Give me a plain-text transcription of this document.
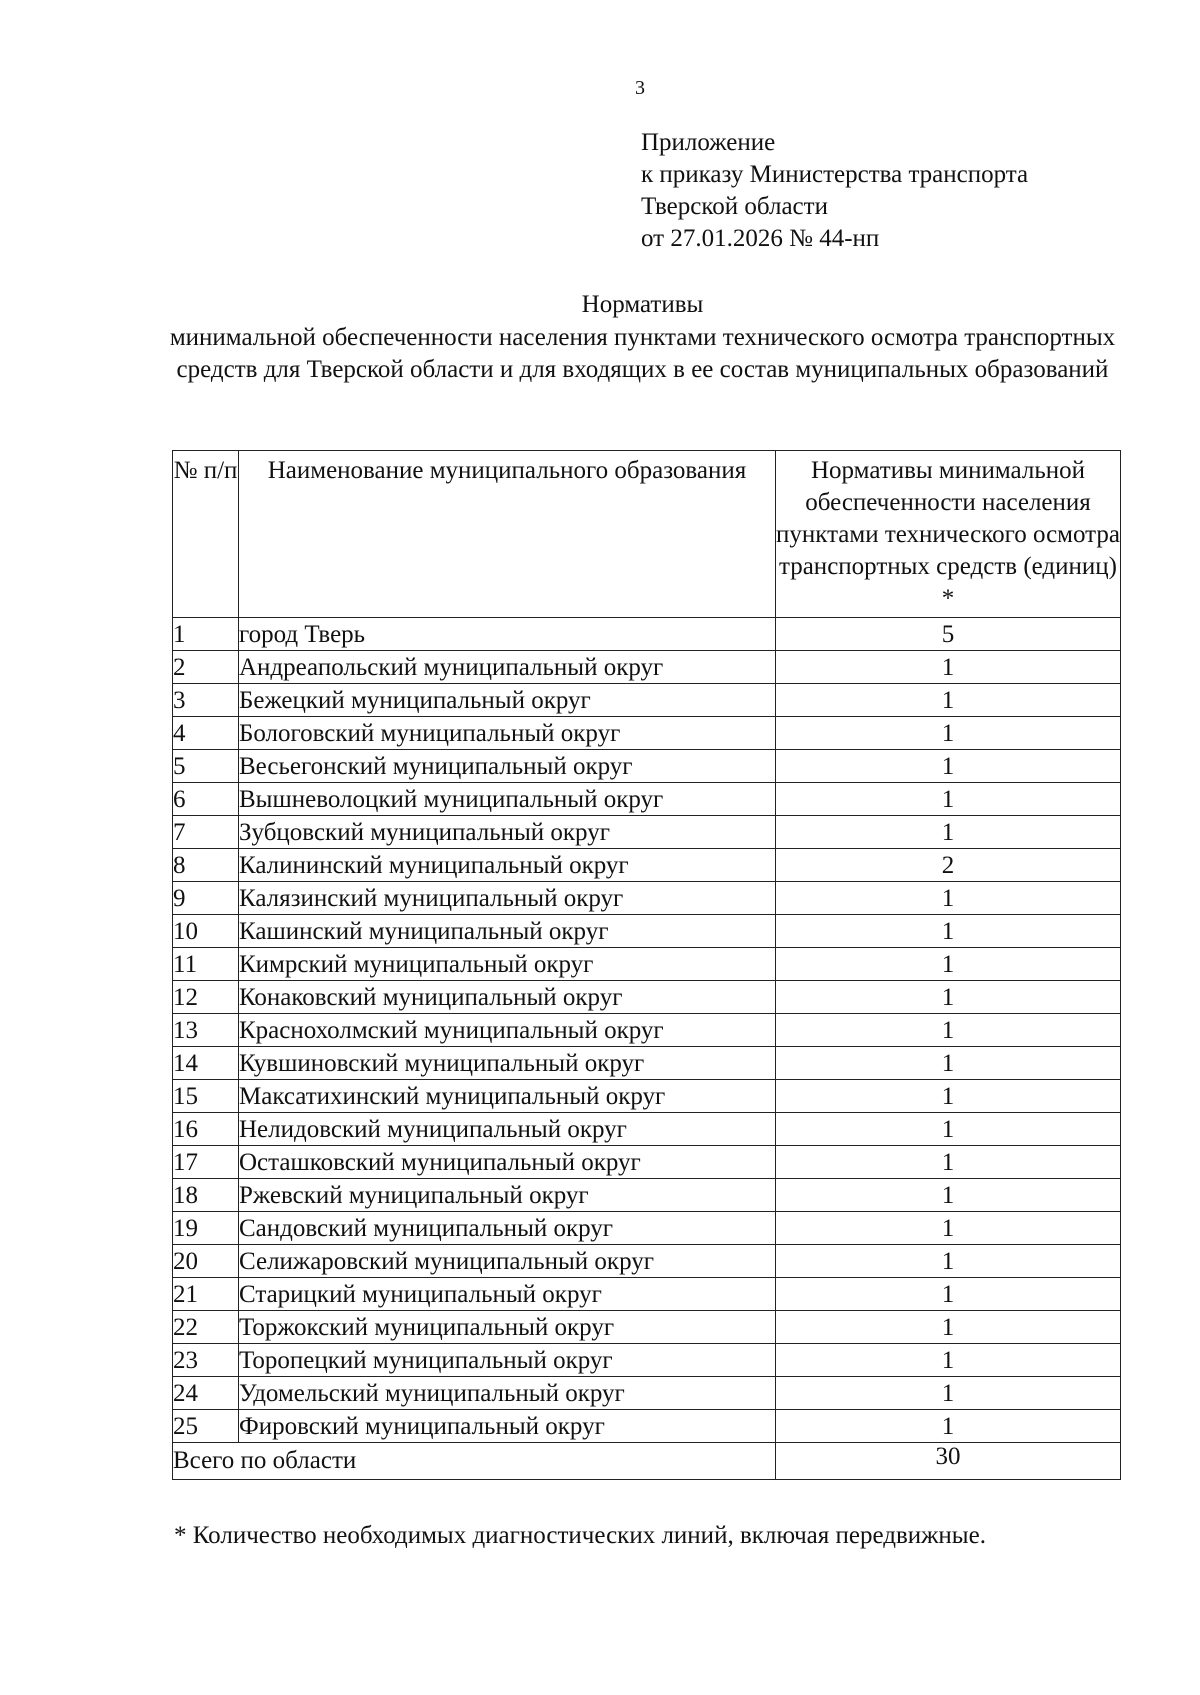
3
Приложение
к приказу Министерства транспорта
Тверской области
от 27.01.2026 № 44-нп
Нормативы
минимальной обеспеченности населения пунктами технического осмотра транспортных средств для Тверской области и для входящих в ее состав муниципальных образований
№ п/п	Наименование муниципального образования	Нормативы минимальной обеспеченности населения пунктами технического осмотра транспортных средств (единиц) *
1	город Тверь	5
2	Андреапольский муниципальный округ	1
3	Бежецкий муниципальный округ	1
4	Бологовский муниципальный округ	1
5	Весьегонский муниципальный округ	1
6	Вышневолоцкий муниципальный округ	1
7	Зубцовский муниципальный округ	1
8	Калининский муниципальный округ	2
9	Калязинский муниципальный округ	1
10	Кашинский муниципальный округ	1
11	Кимрский муниципальный округ	1
12	Конаковский муниципальный округ	1
13	Краснохолмский муниципальный округ	1
14	Кувшиновский муниципальный округ	1
15	Максатихинский муниципальный округ	1
16	Нелидовский муниципальный округ	1
17	Осташковский муниципальный округ	1
18	Ржевский муниципальный округ	1
19	Сандовский муниципальный округ	1
20	Селижаровский муниципальный округ	1
21	Старицкий муниципальный округ	1
22	Торжокский муниципальный округ	1
23	Торопецкий муниципальный округ	1
24	Удомельский муниципальный округ	1
25	Фировский муниципальный округ	1
Всего по области		30
* Количество необходимых диагностических линий, включая передвижные.
